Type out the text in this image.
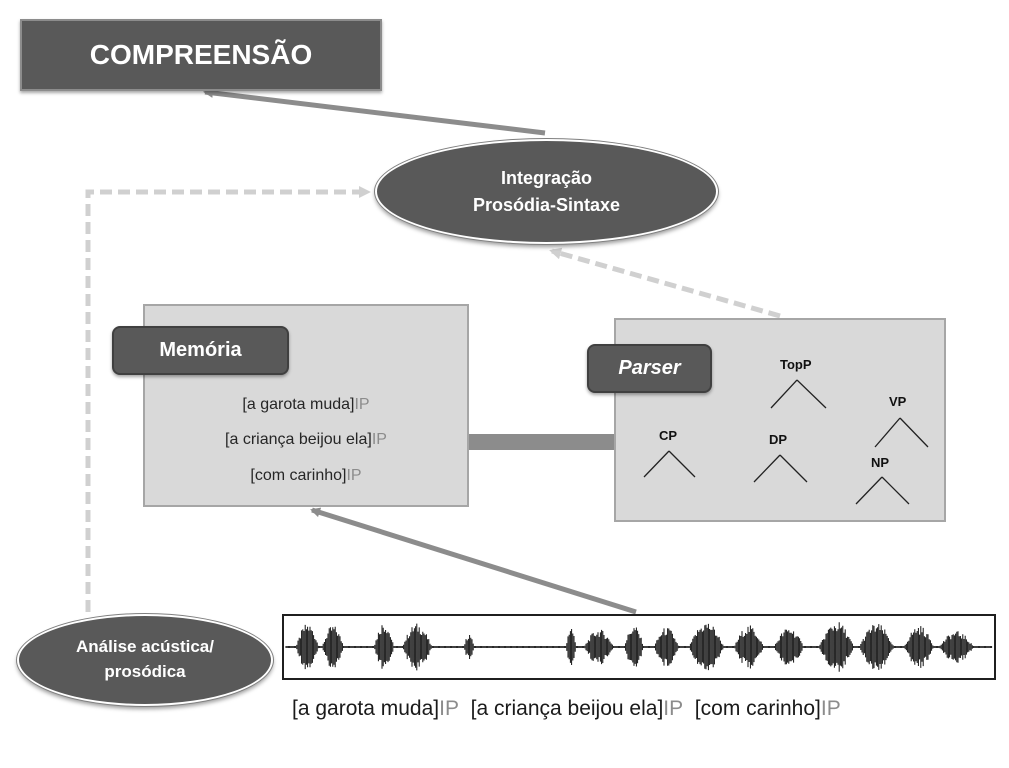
COMPREENSÃO
Integração
Prosódia-Sintaxe
Memória
[a garota muda]IP
[a criança beijou ela]IP
[com carinho]IP
Parser	TopP
VP
CP	DP
NP
Análise acústica/
prosódica
[a garota muda]IP  [a criança beijou ela]IP  [com carinho]IP
